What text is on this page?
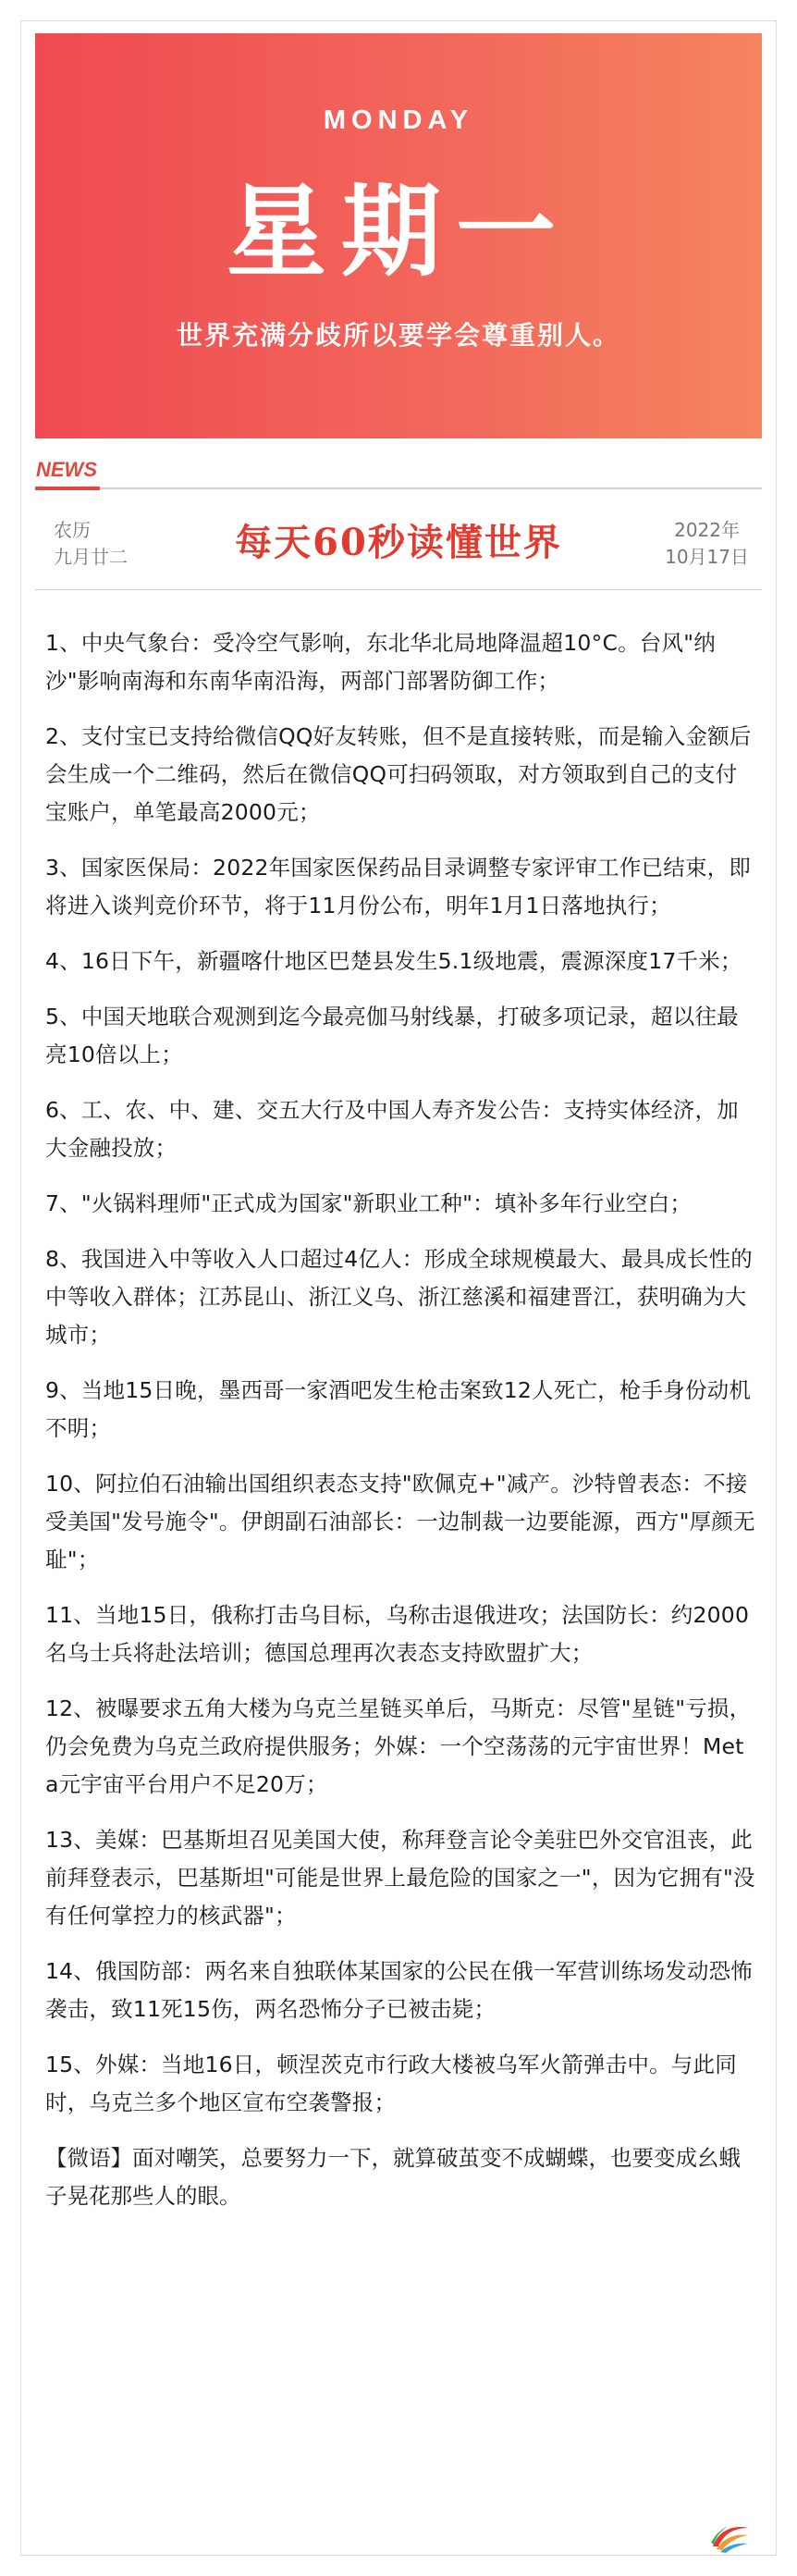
MONDAY
星期一
世界充满分歧所以要学会尊重别人。
NEWS
农历
九月廿二	每天60秒读懂世界	2022年
10月17日

1、中央气象台：受冷空气影响，东北华北局地降温超10°C。台风"纳沙"影响南海和东南华南沿海，两部门部署防御工作；

2、支付宝已支持给微信QQ好友转账，但不是直接转账，而是输入金额后会生成一个二维码，然后在微信QQ可扫码领取，对方领取到自己的支付宝账户，单笔最高2000元；

3、国家医保局：2022年国家医保药品目录调整专家评审工作已结束，即将进入谈判竞价环节，将于11月份公布，明年1月1日落地执行；

4、16日下午，新疆喀什地区巴楚县发生5.1级地震，震源深度17千米；

5、中国天地联合观测到迄今最亮伽马射线暴，打破多项记录，超以往最亮10倍以上；

6、工、农、中、建、交五大行及中国人寿齐发公告：支持实体经济，加大金融投放；

7、"火锅料理师"正式成为国家"新职业工种"：填补多年行业空白；

8、我国进入中等收入人口超过4亿人：形成全球规模最大、最具成长性的中等收入群体；江苏昆山、浙江义乌、浙江慈溪和福建晋江，获明确为大城市；

9、当地15日晚，墨西哥一家酒吧发生枪击案致12人死亡，枪手身份动机不明；

10、阿拉伯石油输出国组织表态支持"欧佩克+"减产。沙特曾表态：不接受美国"发号施令"。伊朗副石油部长：一边制裁一边要能源，西方"厚颜无耻"；

11、当地15日，俄称打击乌目标，乌称击退俄进攻；法国防长：约2000名乌士兵将赴法培训；德国总理再次表态支持欧盟扩大；

12、被曝要求五角大楼为乌克兰星链买单后，马斯克：尽管"星链"亏损，仍会免费为乌克兰政府提供服务；外媒：一个空荡荡的元宇宙世界！Meta元宇宙平台用户不足20万；

13、美媒：巴基斯坦召见美国大使，称拜登言论令美驻巴外交官沮丧，此前拜登表示，巴基斯坦"可能是世界上最危险的国家之一"，因为它拥有"没有任何掌控力的核武器"；

14、俄国防部：两名来自独联体某国家的公民在俄一军营训练场发动恐怖袭击，致11死15伤，两名恐怖分子已被击毙；

15、外媒：当地16日，顿涅茨克市行政大楼被乌军火箭弹击中。与此同时，乌克兰多个地区宣布空袭警报；

【微语】面对嘲笑，总要努力一下，就算破茧变不成蝴蝶，也要变成幺蛾子晃花那些人的眼。
